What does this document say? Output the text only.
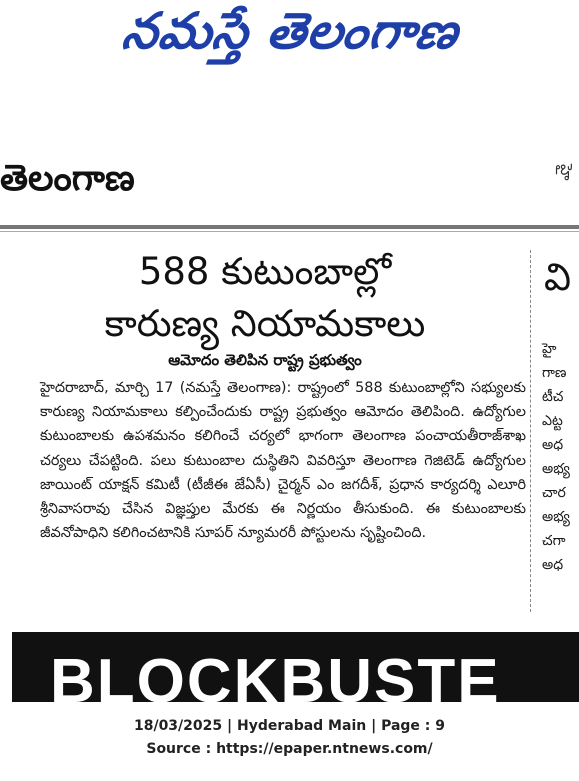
నమస్తే తెలంగాణ
తెలంగాణ	హై
588 కుటుంబాల్లో
కారుణ్య నియామకాలు
ఆమోదం తెలిపిన రాష్ట్ర ప్రభుత్వం
హైదరాబాద్, మార్చి 17 (నమస్తే తెలంగాణ): రాష్ట్రంలో 588 కుటుంబాల్లోని సభ్యులకు కారుణ్య నియామకాలు కల్పించేందుకు రాష్ట్ర ప్రభుత్వం ఆమోదం తెలిపింది. ఉద్యోగుల కుటుంబాలకు ఉపశమనం కలిగించే చర్యలో భాగంగా తెలంగాణ పంచాయతీరాజ్‌శాఖ చర్యలు చేపట్టింది. పలు కుటుంబాల దుస్థితిని వివరిస్తూ తెలంగాణ గెజిటెడ్ ఉద్యోగుల జాయింట్ యాక్షన్ కమిటీ (టీజీఈ జేఏసీ) చైర్మన్ ఎం జగదీశ్, ప్రధాన కార్యదర్శి ఎలూరి శ్రీనివాసరావు చేసిన విజ్ఞప్తుల మేరకు ఈ నిర్ణయం తీసుకుంది. ఈ కుటుంబాలకు జీవనోపాధిని కలిగించటానికి సూపర్ న్యూమరరీ పోస్టులను సృష్టించింది.
వి
హై
గాణ
టీచ
ఎట్ట
అధ
అభ్య
చార
అభ్య
చగా
అధ
BLOCKBUSTE
18/03/2025 | Hyderabad Main | Page : 9
Source : https://epaper.ntnews.com/
